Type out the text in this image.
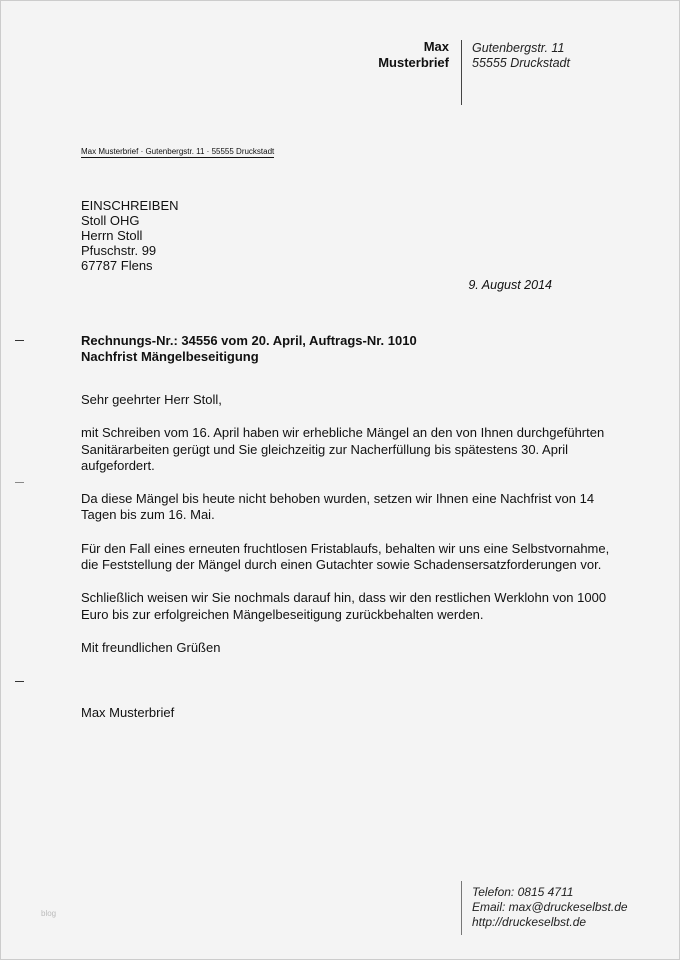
Max
Musterbrief
Gutenbergstr. 11
55555 Druckstadt
Max Musterbrief · Gutenbergstr. 11 · 55555 Druckstadt
EINSCHREIBEN
Stoll OHG
Herrn Stoll
Pfuschstr. 99
67787 Flens
9. August 2014
Rechnungs-Nr.: 34556 vom 20. April, Auftrags-Nr. 1010
Nachfrist Mängelbeseitigung

Sehr geehrter Herr Stoll,

mit Schreiben vom 16. April haben wir erhebliche Mängel an den von Ihnen durchgeführten Sanitärarbeiten gerügt und Sie gleichzeitig zur Nacherfüllung bis spätestens 30. April aufgefordert.

Da diese Mängel bis heute nicht behoben wurden, setzen wir Ihnen eine Nachfrist von 14 Tagen bis zum 16. Mai.

Für den Fall eines erneuten fruchtlosen Fristablaufs, behalten wir uns eine Selbstvornahme, die Feststellung der Mängel durch einen Gutachter sowie Schadensersatzforderungen vor.

Schließlich weisen wir Sie nochmals darauf hin, dass wir den restlichen Werklohn von 1000 Euro bis zur erfolgreichen Mängelbeseitigung zurückbehalten werden.

Mit freundlichen Grüßen

Max Musterbrief
blog
Telefon: 0815 4711
Email: max@druckeselbst.de
http://druckeselbst.de
